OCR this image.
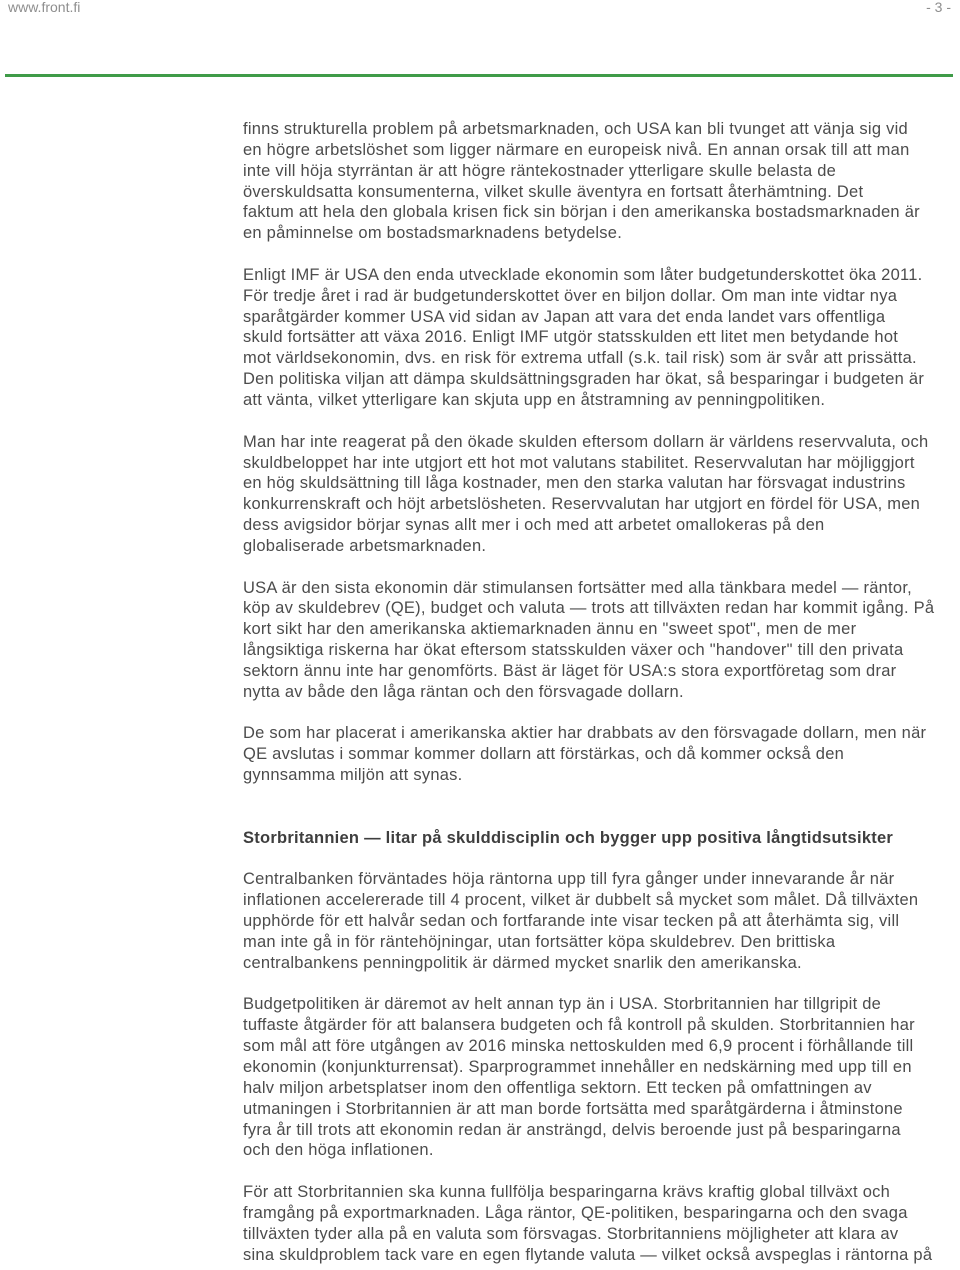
www.front.fi	- 3 -
finns strukturella problem på arbetsmarknaden, och USA kan bli tvunget att vänja sig vid
en högre arbetslöshet som ligger närmare en europeisk nivå. En annan orsak till att man
inte vill höja styrräntan är att högre räntekostnader ytterligare skulle belasta de
överskuldsatta konsumenterna, vilket skulle äventyra en fortsatt återhämtning. Det
faktum att hela den globala krisen fick sin början i den amerikanska bostadsmarknaden är
en påminnelse om bostadsmarknadens betydelse.
Enligt IMF är USA den enda utvecklade ekonomin som låter budgetunderskottet öka 2011.
För tredje året i rad är budgetunderskottet över en biljon dollar. Om man inte vidtar nya
sparåtgärder kommer USA vid sidan av Japan att vara det enda landet vars offentliga
skuld fortsätter att växa 2016. Enligt IMF utgör statsskulden ett litet men betydande hot
mot världsekonomin, dvs. en risk för extrema utfall (s.k. tail risk) som är svår att prissätta.
Den politiska viljan att dämpa skuldsättningsgraden har ökat, så besparingar i budgeten är
att vänta, vilket ytterligare kan skjuta upp en åtstramning av penningpolitiken.
Man har inte reagerat på den ökade skulden eftersom dollarn är världens reservvaluta, och
skuldbeloppet har inte utgjort ett hot mot valutans stabilitet. Reservvalutan har möjliggjort
en hög skuldsättning till låga kostnader, men den starka valutan har försvagat industrins
konkurrenskraft och höjt arbetslösheten. Reservvalutan har utgjort en fördel för USA, men
dess avigsidor börjar synas allt mer i och med att arbetet omallokeras på den
globaliserade arbetsmarknaden.
USA är den sista ekonomin där stimulansen fortsätter med alla tänkbara medel — räntor,
köp av skuldebrev (QE), budget och valuta — trots att tillväxten redan har kommit igång. På
kort sikt har den amerikanska aktiemarknaden ännu en "sweet spot", men de mer
långsiktiga riskerna har ökat eftersom statsskulden växer och "handover" till den privata
sektorn ännu inte har genomförts. Bäst är läget för USA:s stora exportföretag som drar
nytta av både den låga räntan och den försvagade dollarn.
De som har placerat i amerikanska aktier har drabbats av den försvagade dollarn, men när
QE avslutas i sommar kommer dollarn att förstärkas, och då kommer också den
gynnsamma miljön att synas.
Storbritannien — litar på skulddisciplin och bygger upp positiva långtidsutsikter
Centralbanken förväntades höja räntorna upp till fyra gånger under innevarande år när
inflationen accelererade till 4 procent, vilket är dubbelt så mycket som målet. Då tillväxten
upphörde för ett halvår sedan och fortfarande inte visar tecken på att återhämta sig, vill
man inte gå in för räntehöjningar, utan fortsätter köpa skuldebrev. Den brittiska
centralbankens penningpolitik är därmed mycket snarlik den amerikanska.
Budgetpolitiken är däremot av helt annan typ än i USA. Storbritannien har tillgripit de
tuffaste åtgärder för att balansera budgeten och få kontroll på skulden. Storbritannien har
som mål att före utgången av 2016 minska nettoskulden med 6,9 procent i förhållande till
ekonomin (konjunkturrensat). Sparprogrammet innehåller en nedskärning med upp till en
halv miljon arbetsplatser inom den offentliga sektorn. Ett tecken på omfattningen av
utmaningen i Storbritannien är att man borde fortsätta med sparåtgärderna i åtminstone
fyra år till trots att ekonomin redan är ansträngd, delvis beroende just på besparingarna
och den höga inflationen.
För att Storbritannien ska kunna fullfölja besparingarna krävs kraftig global tillväxt och
framgång på exportmarknaden. Låga räntor, QE-politiken, besparingarna och den svaga
tillväxten tyder alla på en valuta som försvagas. Storbritanniens möjligheter att klara av
sina skuldproblem tack vare en egen flytande valuta — vilket också avspeglas i räntorna på
